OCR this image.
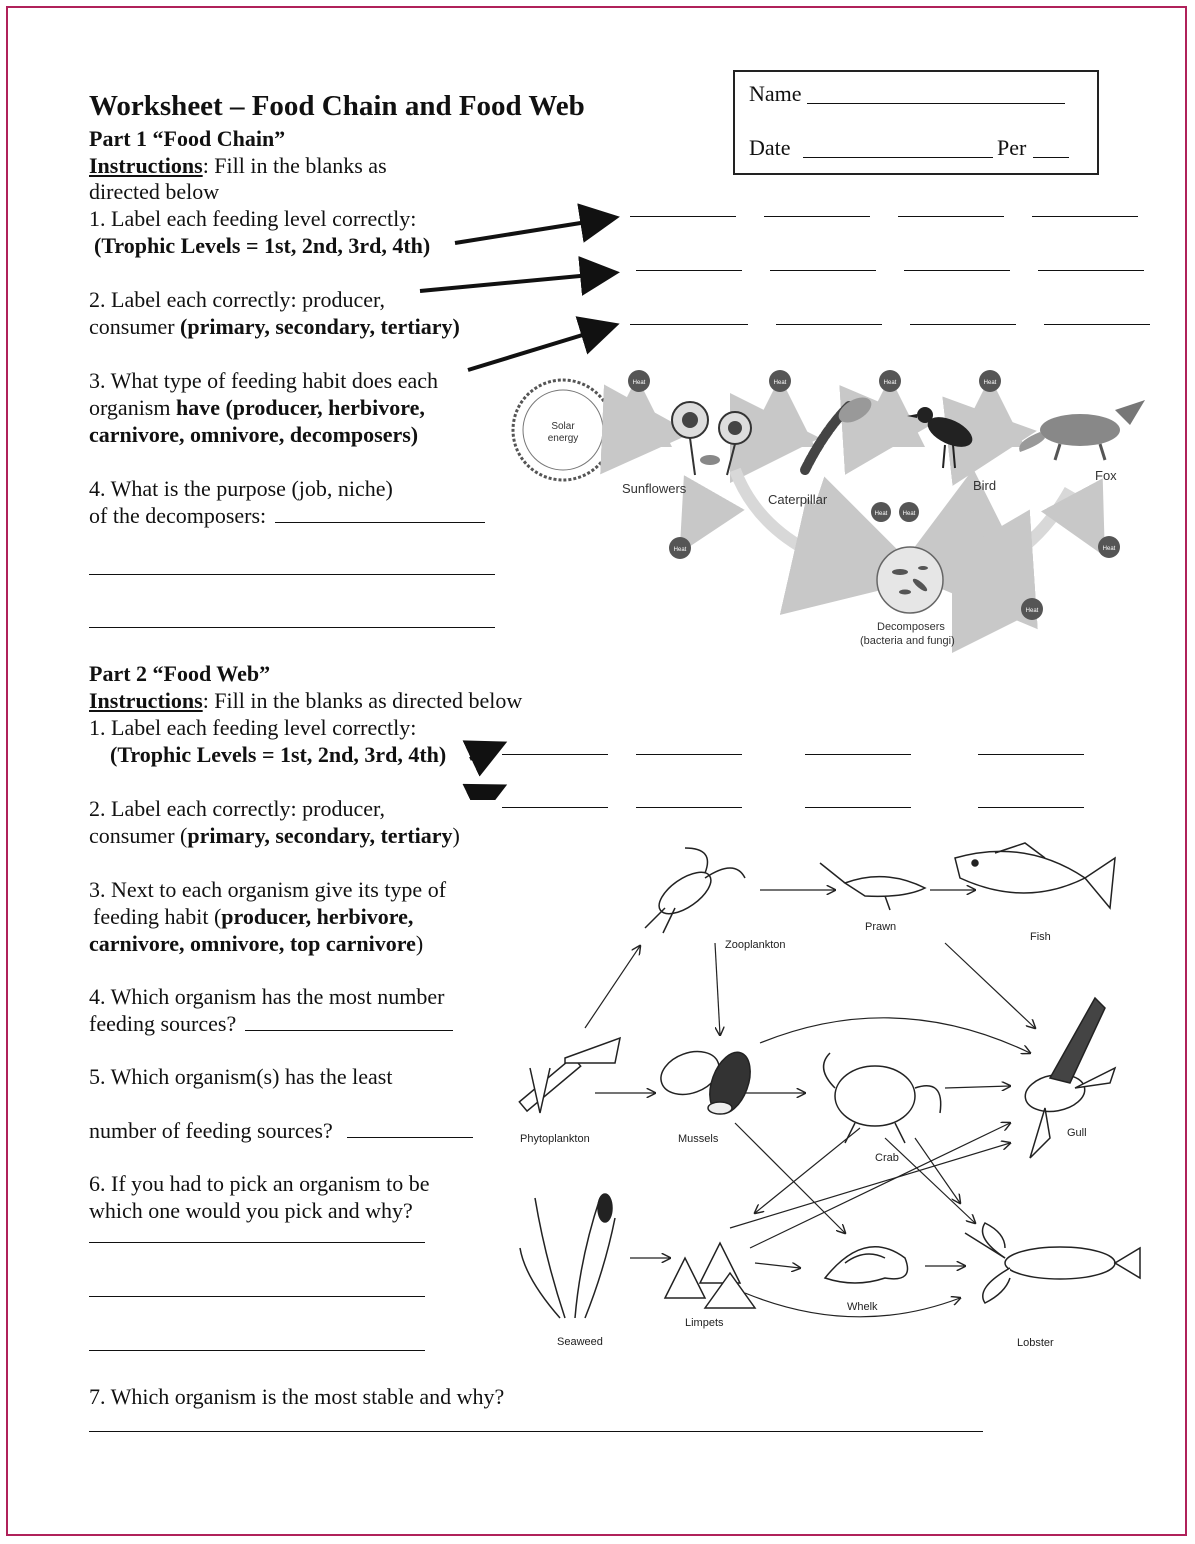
Worksheet – Food Chain and Food Web	Name
Date	Per
Part 1 “Food Chain”
Instructions: Fill in the blanks as
directed below
1. Label each feeding level correctly:
(Trophic Levels = 1st, 2nd, 3rd, 4th)
2. Label each correctly: producer,
consumer (primary, secondary, tertiary)
3. What type of feeding habit does each
organism have (producer, herbivore,
carnivore, omnivore, decomposers)
4. What is the purpose (job, niche)
of the decomposers:
Solar
energy
Heat	Heat	Heat	Heat
Heat	Heat
Heat	Heat
Heat
Sunflowers
Caterpillar
Bird
Fox
Decomposers
(bacteria and fungi)
Part 2 “Food Web”
Instructions: Fill in the blanks as directed below
1. Label each feeding level correctly:
(Trophic Levels = 1st, 2nd, 3rd, 4th)
2. Label each correctly: producer,
consumer (primary, secondary, tertiary)
3. Next to each organism give its type of
feeding habit (producer, herbivore,
carnivore, omnivore, top carnivore)
4. Which organism has the most number
feeding sources?
5. Which organism(s) has the least
number of feeding sources?
6. If you had to pick an organism to be
which one would you pick and why?
7. Which organism is the most stable and why?
Zooplankton
Prawn
Fish
Phytoplankton	Mussels
Crab
Gull
Seaweed
Limpets
Whelk
Lobster
